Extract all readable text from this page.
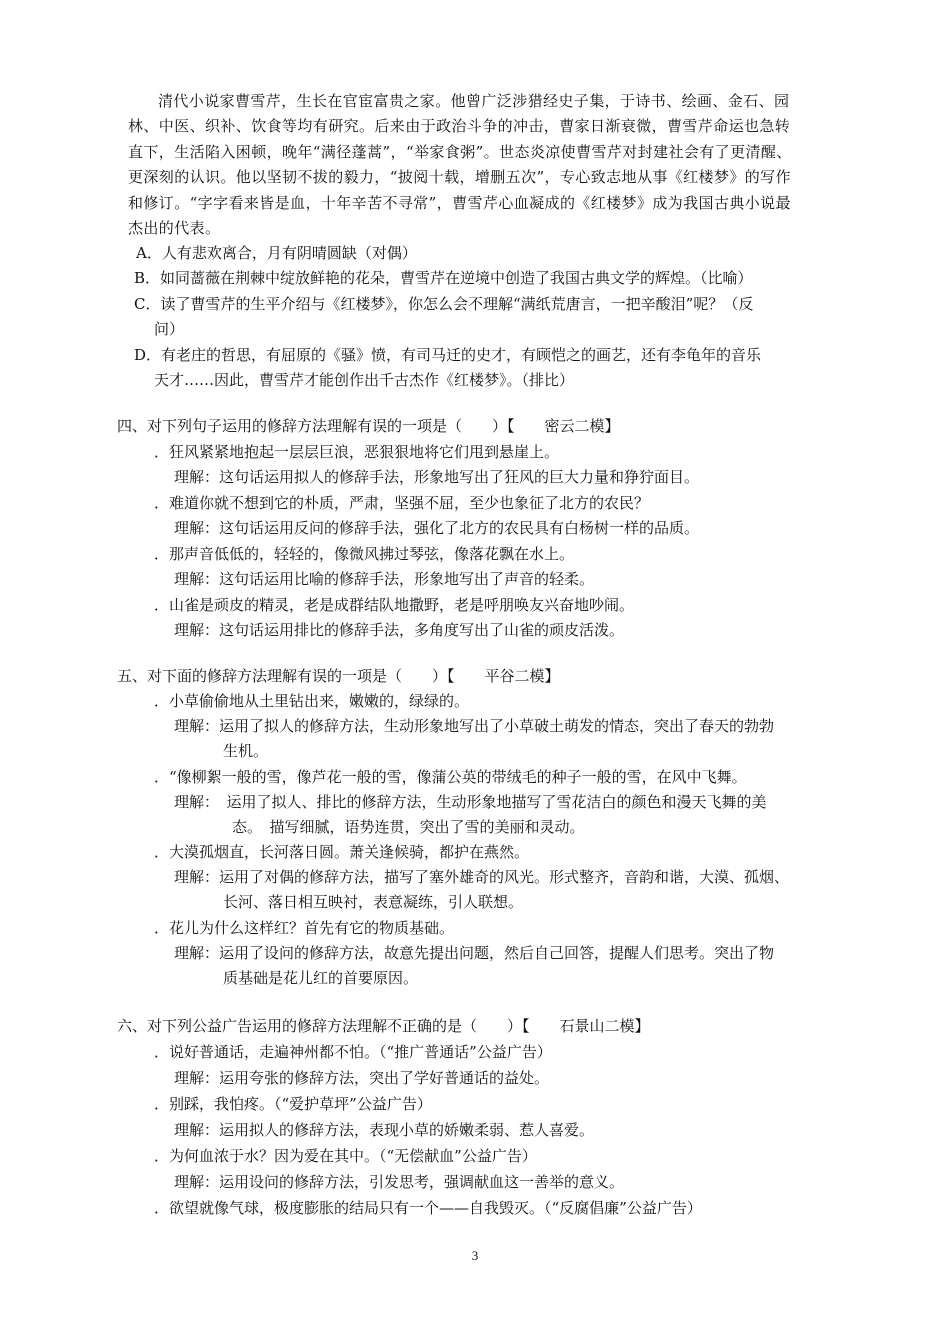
清代小说家曹雪芹，生长在官宦富贵之家。他曾广泛涉猎经史子集，于诗书、绘画、金石、园
林、中医、织补、饮食等均有研究。后来由于政治斗争的冲击，曹家日渐衰微，曹雪芹命运也急转
直下，生活陷入困顿，晚年“满径蓬蒿”，“举家食粥”。世态炎凉使曹雪芹对封建社会有了更清醒、
更深刻的认识。他以坚韧不拔的毅力，“披阅十载，增删五次”，专心致志地从事《红楼梦》的写作
和修订。“字字看来皆是血，十年辛苦不寻常”，曹雪芹心血凝成的《红楼梦》成为我国古典小说最
杰出的代表。
A．人有悲欢离合，月有阴晴圆缺（对偶）
B．如同蔷薇在荆棘中绽放鲜艳的花朵，曹雪芹在逆境中创造了我国古典文学的辉煌。（比喻）
C．读了曹雪芹的生平介绍与《红楼梦》，你怎么会不理解“满纸荒唐言，一把辛酸泪”呢？（反
问）
D．有老庄的哲思，有屈原的《骚》愤，有司马迁的史才，有顾恺之的画艺，还有李龟年的音乐
天才……因此，曹雪芹才能创作出千古杰作《红楼梦》。（排比）
四、对下列句子运用的修辞方法理解有误的一项是（　　）【　　密云二模】
．狂风紧紧地抱起一层层巨浪，恶狠狠地将它们甩到悬崖上。
理解：这句话运用拟人的修辞手法，形象地写出了狂风的巨大力量和狰狞面目。
．难道你就不想到它的朴质，严肃，坚强不屈，至少也象征了北方的农民？
理解：这句话运用反问的修辞手法，强化了北方的农民具有白杨树一样的品质。
．那声音低低的，轻轻的，像微风拂过琴弦，像落花飘在水上。
理解：这句话运用比喻的修辞手法，形象地写出了声音的轻柔。
．山雀是顽皮的精灵，老是成群结队地撒野，老是呼朋唤友兴奋地吵闹。
理解：这句话运用排比的修辞手法，多角度写出了山雀的顽皮活泼。
五、对下面的修辞方法理解有误的一项是（　　）【　　平谷二模】
．小草偷偷地从土里钻出来，嫩嫩的，绿绿的。
理解：运用了拟人的修辞方法，生动形象地写出了小草破土萌发的情态，突出了春天的勃勃
生机。
．“像柳絮一般的雪，像芦花一般的雪，像蒲公英的带绒毛的种子一般的雪，在风中飞舞。
理解：　运用了拟人、排比的修辞方法，生动形象地描写了雪花洁白的颜色和漫天飞舞的美
态。　描写细腻，语势连贯，突出了雪的美丽和灵动。
．大漠孤烟直，长河落日圆。萧关逢候骑，都护在燕然。
理解：运用了对偶的修辞方法，描写了塞外雄奇的风光。形式整齐，音韵和谐，大漠、孤烟、
长河、落日相互映衬，表意凝练，引人联想。
．花儿为什么这样红？首先有它的物质基础。
理解：运用了设问的修辞方法，故意先提出问题，然后自己回答，提醒人们思考。突出了物
质基础是花儿红的首要原因。
六、对下列公益广告运用的修辞方法理解不正确的是（　　）【　　石景山二模】
．说好普通话，走遍神州都不怕。（“推广普通话”公益广告）
理解：运用夸张的修辞方法，突出了学好普通话的益处。
．别踩，我怕疼。（“爱护草坪”公益广告）
理解：运用拟人的修辞方法，表现小草的娇嫩柔弱、惹人喜爱。
．为何血浓于水？因为爱在其中。（“无偿献血”公益广告）
理解：运用设问的修辞方法，引发思考，强调献血这一善举的意义。
．欲望就像气球，极度膨胀的结局只有一个——自我毁灭。（“反腐倡廉”公益广告）
3
